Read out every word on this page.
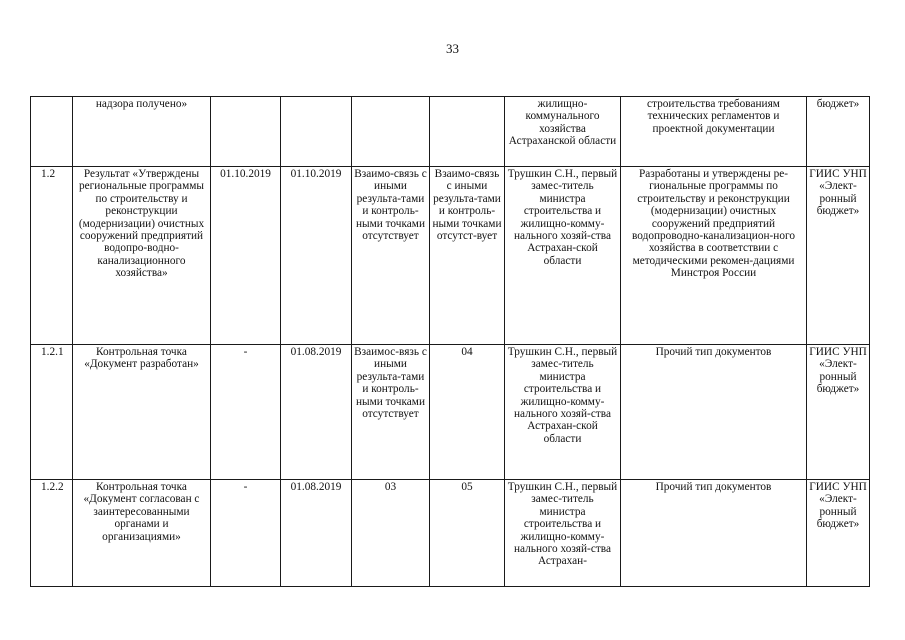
33
	надзора получено»					жилищно-коммунального хозяйства Астраханской области	строительства требованиям технических регламентов и проектной документации	бюджет»
1.2	Результат «Утверждены региональные программы по строительству и реконструкции (модернизации) очистных сооружений предприятий водопро-водно-канализационного хозяйства»	01.10.2019	01.10.2019	Взаимо-связь с иными результа-тами и контроль-ными точками отсутствует	Взаимо-связь с иными результа-тами и контроль-ными точками отсутст-вует	Трушкин С.Н., первый замес-титель министра строительства и жилищно-комму-нального хозяй-ства Астрахан-ской области	Разработаны и утверждены ре-гиональные программы по строительству и реконструкции (модернизации) очистных сооружений предприятий водопроводно-канализацион-ного хозяйства в соответствии с методическими рекомен-дациями Минстроя России	ГИИС УНП «Элект-ронный бюджет»
1.2.1	Контрольная точка «Документ разработан»	-	01.08.2019	Взаимос-вязь с иными результа-тами и контроль-ными точками отсутствует	04	Трушкин С.Н., первый замес-титель министра строительства и жилищно-комму-нального хозяй-ства Астрахан-ской области	Прочий тип документов	ГИИС УНП «Элект-ронный бюджет»
1.2.2	Контрольная точка «Документ согласован с заинтересованными органами и организациями»	-	01.08.2019	03	05	Трушкин С.Н., первый замес-титель министра строительства и жилищно-комму-нального хозяй-ства Астрахан-	Прочий тип документов	ГИИС УНП «Элект-ронный бюджет»
